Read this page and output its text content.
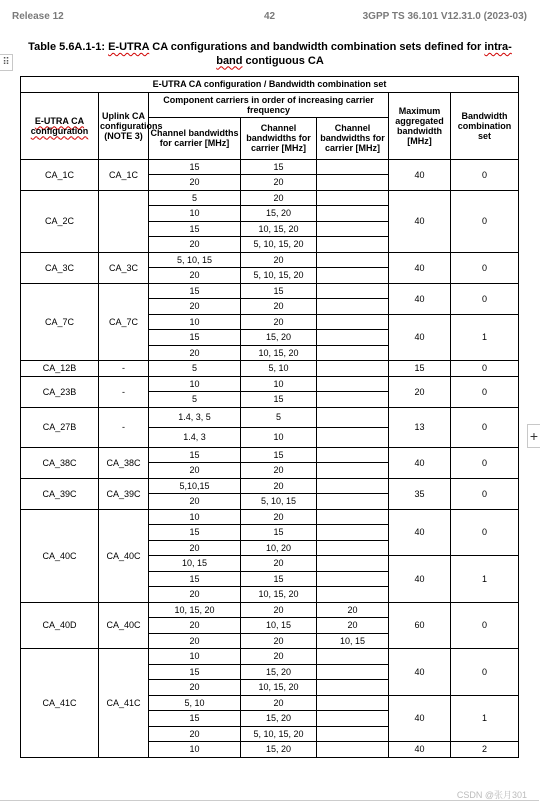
Release 12	42	3GPP TS 36.101 V12.31.0 (2023-03)
⠿
Table 5.6A.1-1: E-UTRA CA configurations and bandwidth combination sets defined for intra-band contiguous CA
E-UTRA CA configuration / Bandwidth combination set						
E-UTRA CA configuration	Uplink CA configurations (NOTE 3)	Component carriers in order of increasing carrier frequency			Maximum aggregated bandwidth [MHz]	Bandwidth combination set
		Channel bandwidths for carrier [MHz]	Channel bandwidths for carrier [MHz]	Channel bandwidths for carrier [MHz]		
CA_1C	CA_1C	15	15		40	0
		20	20			
CA_2C		5	20		40	0
		10	15, 20			
		15	10, 15, 20			
		20	5, 10, 15, 20			
CA_3C	CA_3C	5, 10, 15	20		40	0
		20	5, 10, 15, 20			
CA_7C	CA_7C	15	15		40	0
		20	20			
		10	20		40	1
		15	15, 20			
		20	10, 15, 20			
CA_12B	-	5	5, 10		15	0
CA_23B	-	10	10		20	0
		5	15			
CA_27B	-	1.4, 3, 5	5		13	0
		1.4, 3	10			
CA_38C	CA_38C	15	15		40	0
		20	20			
CA_39C	CA_39C	5,10,15	20		35	0
		20	5, 10, 15			
CA_40C	CA_40C	10	20		40	0
		15	15			
		20	10, 20			
		10, 15	20		40	1
		15	15			
		20	10, 15, 20			
CA_40D	CA_40C	10, 15, 20	20	20	60	0
		20	10, 15	20		
		20	20	10, 15		
CA_41C	CA_41C	10	20		40	0
		15	15, 20			
		20	10, 15, 20			
		5, 10	20		40	1
		15	15, 20			
		20	5, 10, 15, 20			
		10	15, 20		40	2
+
CSDN @张月301
